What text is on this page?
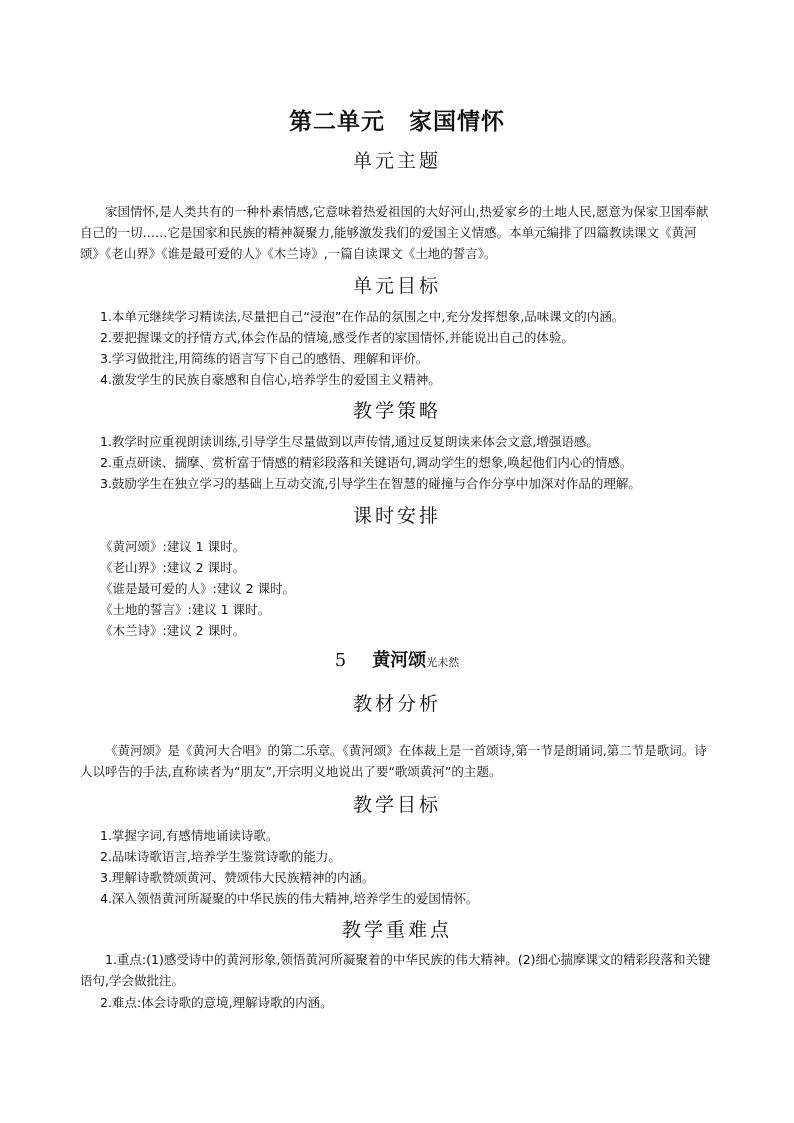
第二单元　家国情怀
单元主题
家国情怀,是人类共有的一种朴素情感,它意味着热爱祖国的大好河山,热爱家乡的土地人民,愿意为保家卫国奉献自己的一切……它是国家和民族的精神凝聚力,能够激发我们的爱国主义情感。本单元编排了四篇教读课文《黄河颂》《老山界》《谁是最可爱的人》《木兰诗》,一篇自读课文《土地的誓言》。
单元目标
1.本单元继续学习精读法,尽量把自己“浸泡”在作品的氛围之中,充分发挥想象,品味课文的内涵。
2.要把握课文的抒情方式,体会作品的情境,感受作者的家国情怀,并能说出自己的体验。
3.学习做批注,用简练的语言写下自己的感悟、理解和评价。
4.激发学生的民族自豪感和自信心,培养学生的爱国主义精神。
教学策略
1.教学时应重视朗读训练,引导学生尽量做到以声传情,通过反复朗读来体会文意,增强语感。
2.重点研读、揣摩、赏析富于情感的精彩段落和关键语句,调动学生的想象,唤起他们内心的情感。
3.鼓励学生在独立学习的基础上互动交流,引导学生在智慧的碰撞与合作分享中加深对作品的理解。
课时安排
《黄河颂》:建议 1 课时。
《老山界》:建议 2 课时。
《谁是最可爱的人》:建议 2 课时。
《土地的誓言》:建议 1 课时。
《木兰诗》:建议 2 课时。
5 黄河颂光未然
教材分析
《黄河颂》是《黄河大合唱》的第二乐章。《黄河颂》在体裁上是一首颂诗,第一节是朗诵词,第二节是歌词。诗人以呼告的手法,直称读者为“朋友”,开宗明义地说出了要“歌颂黄河”的主题。
教学目标
1.掌握字词,有感情地诵读诗歌。
2.品味诗歌语言,培养学生鉴赏诗歌的能力。
3.理解诗歌赞颂黄河、赞颂伟大民族精神的内涵。
4.深入领悟黄河所凝聚的中华民族的伟大精神,培养学生的爱国情怀。
教学重难点
1.重点:(1)感受诗中的黄河形象,领悟黄河所凝聚着的中华民族的伟大精神。(2)细心揣摩课文的精彩段落和关键语句,学会做批注。
2.难点:体会诗歌的意境,理解诗歌的内涵。
